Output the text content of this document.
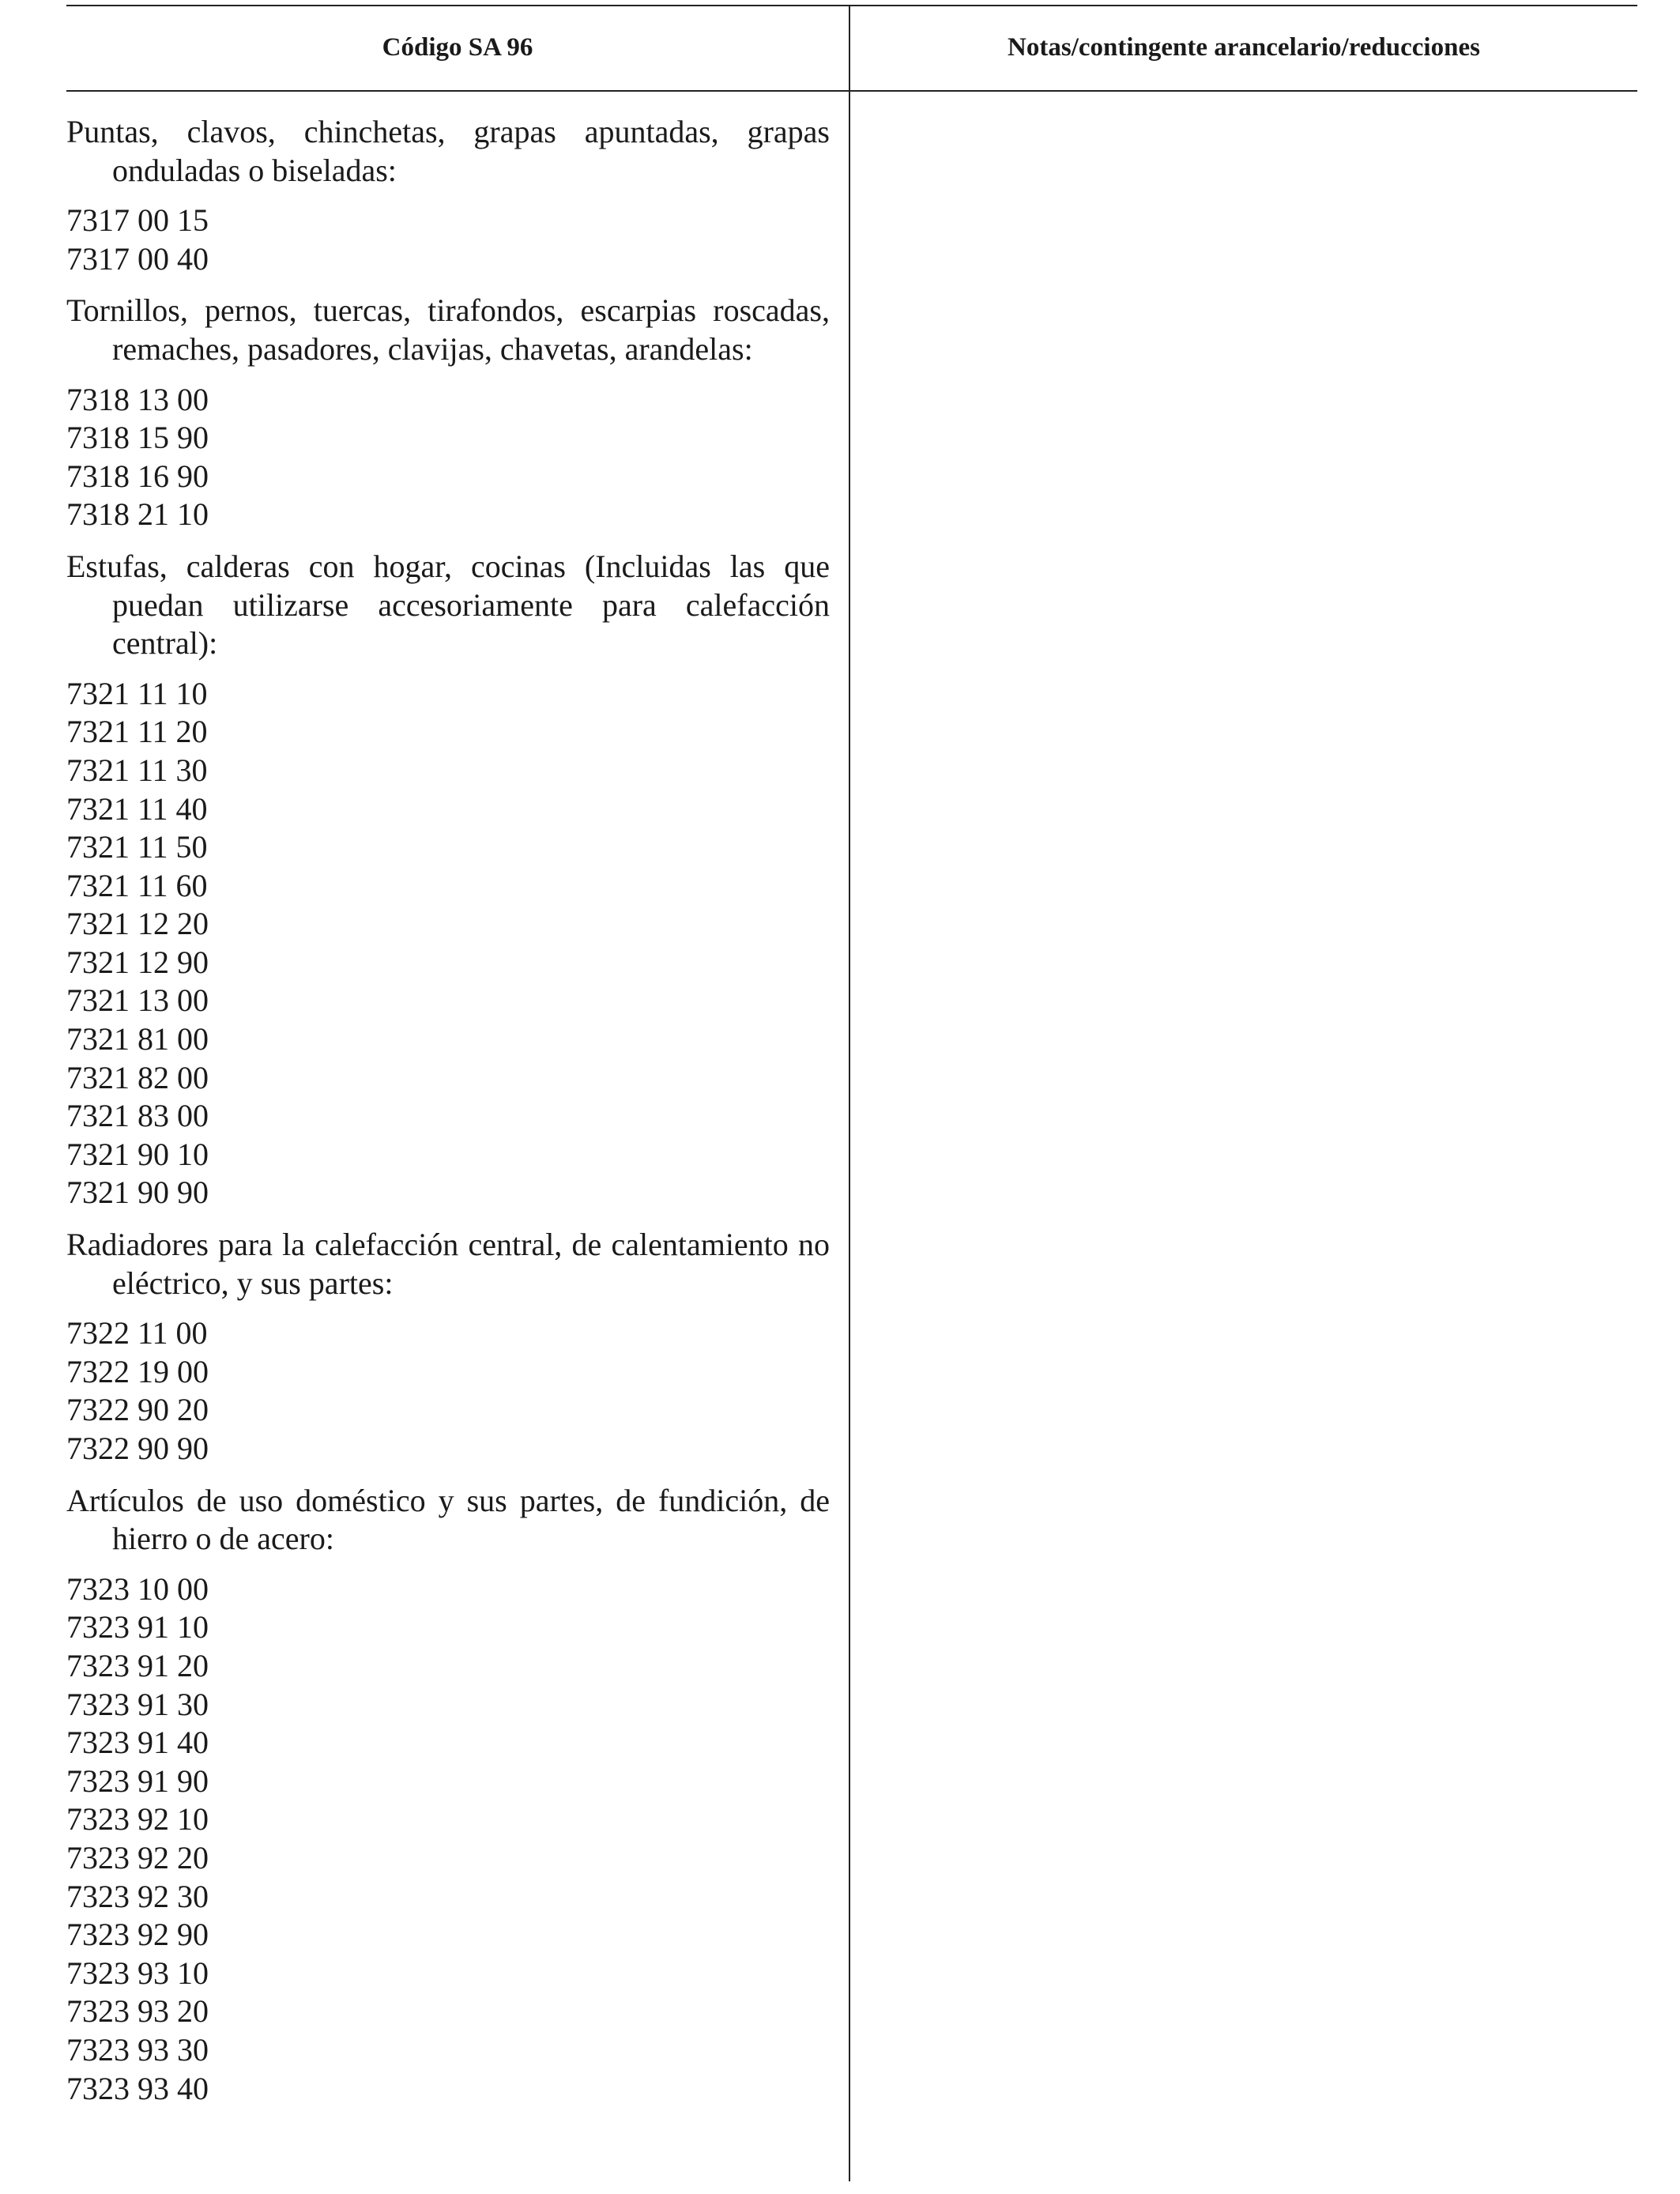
Código SA 96	Notas/contingente arancelario/reducciones

Puntas, clavos, chinchetas, grapas apuntadas, grapas onduladas o biseladas:

7317 00 15
7317 00 40

Tornillos, pernos, tuercas, tirafondos, escarpias roscadas, remaches, pasadores, clavijas, chavetas, arandelas:

7318 13 00
7318 15 90
7318 16 90
7318 21 10

Estufas, calderas con hogar, cocinas (Incluidas las que puedan utilizarse accesoriamente para calefacción central):

7321 11 10
7321 11 20
7321 11 30
7321 11 40
7321 11 50
7321 11 60
7321 12 20
7321 12 90
7321 13 00
7321 81 00
7321 82 00
7321 83 00
7321 90 10
7321 90 90

Radiadores para la calefacción central, de calentamiento no eléctrico, y sus partes:

7322 11 00
7322 19 00
7322 90 20
7322 90 90

Artículos de uso doméstico y sus partes, de fundición, de hierro o de acero:

7323 10 00
7323 91 10
7323 91 20
7323 91 30
7323 91 40
7323 91 90
7323 92 10
7323 92 20
7323 92 30
7323 92 90
7323 93 10
7323 93 20
7323 93 30
7323 93 40
